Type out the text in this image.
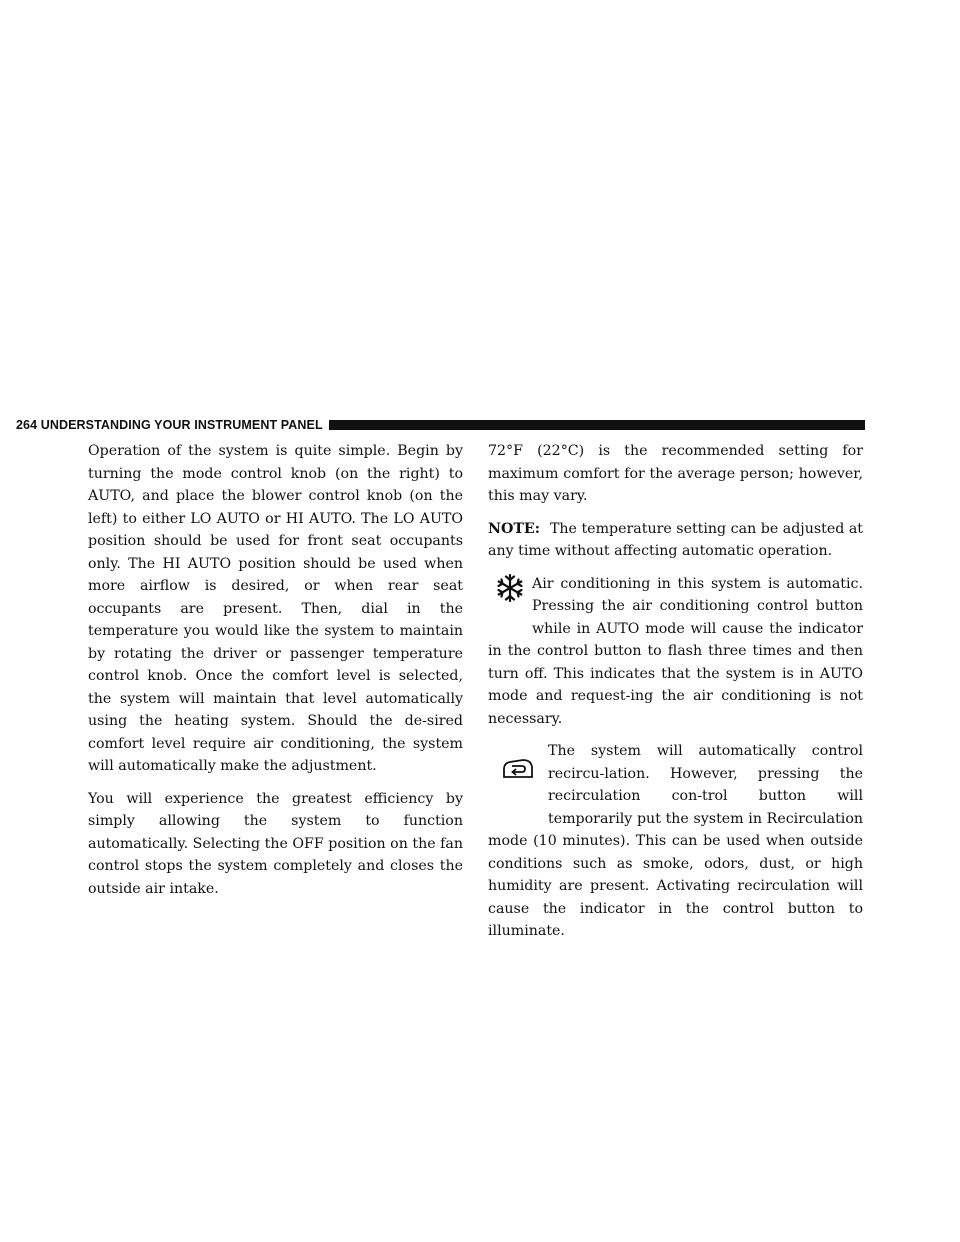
264 UNDERSTANDING YOUR INSTRUMENT PANEL

Operation of the system is quite simple. Begin by turning the mode control knob (on the right) to AUTO, and place the blower control knob (on the left) to either LO AUTO or HI AUTO. The LO AUTO position should be used for front seat occupants only. The HI AUTO position should be used when more airflow is desired, or when rear seat occupants are present. Then, dial in the temperature you would like the system to maintain by rotating the driver or passenger temperature control knob. Once the comfort level is selected, the system will maintain that level automatically using the heating system. Should the de-sired comfort level require air conditioning, the system will automatically make the adjustment.

You will experience the greatest efficiency by simply allowing the system to function automatically. Selecting the OFF position on the fan control stops the system completely and closes the outside air intake.

72°F (22°C) is the recommended setting for maximum comfort for the average person; however, this may vary.

NOTE: The temperature setting can be adjusted at any time without affecting automatic operation.

Air conditioning in this system is automatic. Pressing the air conditioning control button while in AUTO mode will cause the indicator in the control button to flash three times and then turn off. This indicates that the system is in AUTO mode and request-ing the air conditioning is not necessary.

The system will automatically control recircu-lation. However, pressing the recirculation con-trol button will temporarily put the system in Recirculation mode (10 minutes). This can be used when outside conditions such as smoke, odors, dust, or high humidity are present. Activating recirculation will cause the indicator in the control button to illuminate.
